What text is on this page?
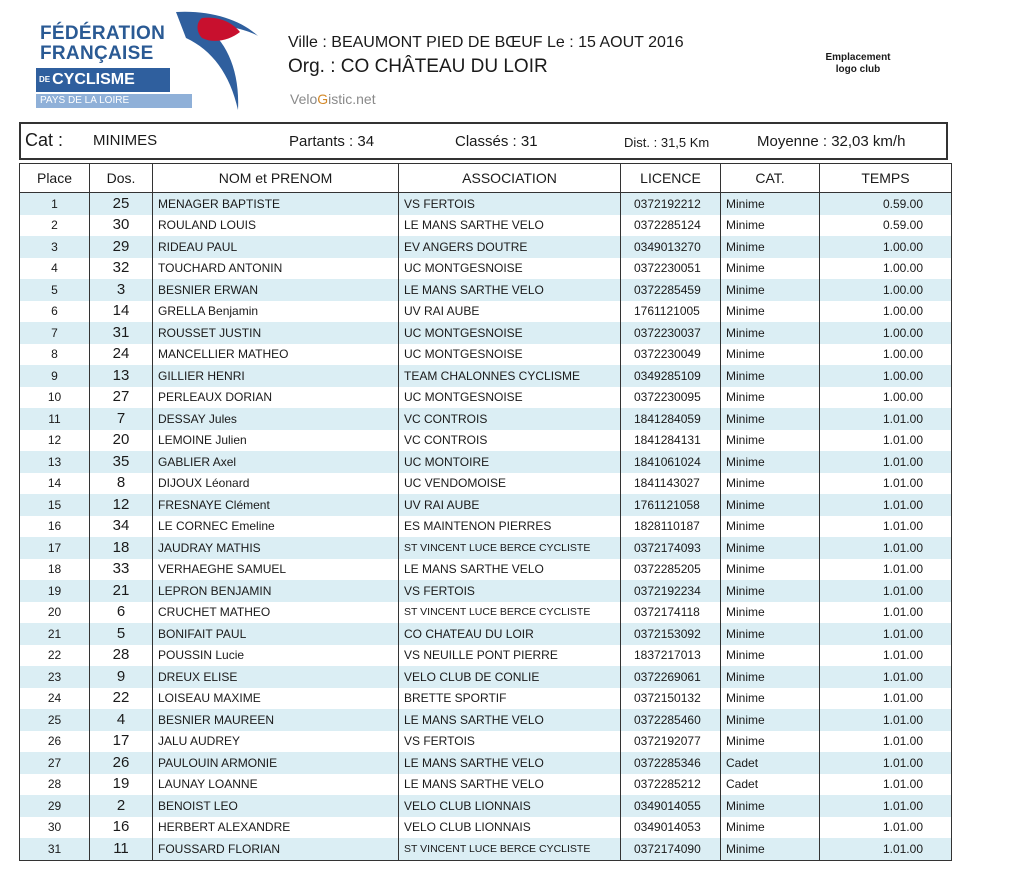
FÉDÉRATION
FRANÇAISE
DE CYCLISME
PAYS DE LA LOIRE
Ville : BEAUMONT PIED DE BŒUF Le : 15 AOUT 2016
Org. : CO CHÂTEAU DU LOIR
VeloGistic.net
Emplacement
logo club
Cat : MINIMES	Partants : 34	Classés : 31	Dist. : 31,5 Km	Moyenne : 32,03 km/h
Place	Dos.	NOM et PRENOM	ASSOCIATION	LICENCE	CAT.	TEMPS
1	25	MENAGER BAPTISTE	VS FERTOIS	0372192212	Minime	0.59.00
2	30	ROULAND LOUIS	LE MANS SARTHE VELO	0372285124	Minime	0.59.00
3	29	RIDEAU PAUL	EV ANGERS DOUTRE	0349013270	Minime	1.00.00
4	32	TOUCHARD ANTONIN	UC MONTGESNOISE	0372230051	Minime	1.00.00
5	3	BESNIER ERWAN	LE MANS SARTHE VELO	0372285459	Minime	1.00.00
6	14	GRELLA Benjamin	UV RAI AUBE	1761121005	Minime	1.00.00
7	31	ROUSSET JUSTIN	UC MONTGESNOISE	0372230037	Minime	1.00.00
8	24	MANCELLIER MATHEO	UC MONTGESNOISE	0372230049	Minime	1.00.00
9	13	GILLIER HENRI	TEAM CHALONNES CYCLISME	0349285109	Minime	1.00.00
10	27	PERLEAUX DORIAN	UC MONTGESNOISE	0372230095	Minime	1.00.00
11	7	DESSAY Jules	VC CONTROIS	1841284059	Minime	1.01.00
12	20	LEMOINE Julien	VC CONTROIS	1841284131	Minime	1.01.00
13	35	GABLIER Axel	UC MONTOIRE	1841061024	Minime	1.01.00
14	8	DIJOUX Léonard	UC VENDOMOISE	1841143027	Minime	1.01.00
15	12	FRESNAYE Clément	UV RAI AUBE	1761121058	Minime	1.01.00
16	34	LE CORNEC Emeline	ES MAINTENON PIERRES	1828110187	Minime	1.01.00
17	18	JAUDRAY MATHIS	ST VINCENT LUCE BERCE CYCLISTE	0372174093	Minime	1.01.00
18	33	VERHAEGHE SAMUEL	LE MANS SARTHE VELO	0372285205	Minime	1.01.00
19	21	LEPRON BENJAMIN	VS FERTOIS	0372192234	Minime	1.01.00
20	6	CRUCHET MATHEO	ST VINCENT LUCE BERCE CYCLISTE	0372174118	Minime	1.01.00
21	5	BONIFAIT PAUL	CO CHATEAU DU LOIR	0372153092	Minime	1.01.00
22	28	POUSSIN Lucie	VS NEUILLE PONT PIERRE	1837217013	Minime	1.01.00
23	9	DREUX ELISE	VELO CLUB DE CONLIE	0372269061	Minime	1.01.00
24	22	LOISEAU MAXIME	BRETTE SPORTIF	0372150132	Minime	1.01.00
25	4	BESNIER MAUREEN	LE MANS SARTHE VELO	0372285460	Minime	1.01.00
26	17	JALU AUDREY	VS FERTOIS	0372192077	Minime	1.01.00
27	26	PAULOUIN ARMONIE	LE MANS SARTHE VELO	0372285346	Cadet	1.01.00
28	19	LAUNAY LOANNE	LE MANS SARTHE VELO	0372285212	Cadet	1.01.00
29	2	BENOIST LEO	VELO CLUB LIONNAIS	0349014055	Minime	1.01.00
30	16	HERBERT ALEXANDRE	VELO CLUB LIONNAIS	0349014053	Minime	1.01.00
31	11	FOUSSARD FLORIAN	ST VINCENT LUCE BERCE CYCLISTE	0372174090	Minime	1.01.00
